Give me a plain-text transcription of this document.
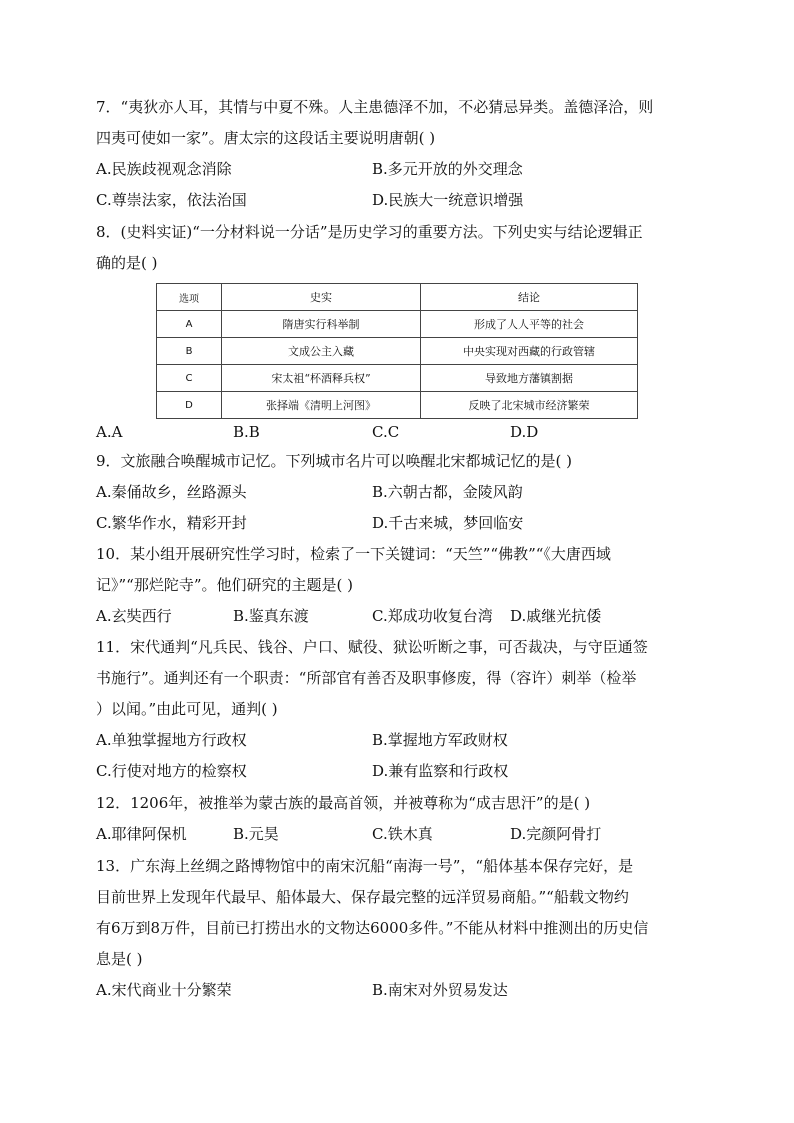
7．“夷狄亦人耳，其情与中夏不殊。人主患德泽不加，不必猜忌异类。盖德泽洽，则

四夷可使如一家”。唐太宗的这段话主要说明唐朝( )

A.民族歧视观念消除	B.多元开放的外交理念
C.尊崇法家，依法治国	D.民族大一统意识增强

8．(史料实证)“一分材料说一分话”是历史学习的重要方法。下列史实与结论逻辑正

确的是( )

选项	史实	结论
A	隋唐实行科举制	形成了人人平等的社会
B	文成公主入藏	中央实现对西藏的行政管辖
C	宋太祖“杯酒释兵权”	导致地方藩镇割据
D	张择端《清明上河图》	反映了北宋城市经济繁荣
A.A	B.B	C.C	D.D

9．文旅融合唤醒城市记忆。下列城市名片可以唤醒北宋都城记忆的是( )

A.秦俑故乡，丝路源头	B.六朝古都，金陵风韵
C.繁华作水，精彩开封	D.千古来城，梦回临安

10．某小组开展研究性学习时，检索了一下关键词：“天竺”“佛教”“《大唐西域

记》”“那烂陀寺”。他们研究的主题是( )

A.玄奘西行	B.鉴真东渡	C.郑成功收复台湾 D.戚继光抗倭

11．宋代通判“凡兵民、钱谷、户口、赋役、狱讼听断之事，可否裁决，与守臣通签

书施行”。通判还有一个职责：“所部官有善否及职事修废，得（容许）刺举（检举

）以闻。”由此可见，通判( )

A.单独掌握地方行政权	B.掌握地方军政财权
C.行使对地方的检察权	D.兼有监察和行政权

12．1206年，被推举为蒙古族的最高首领，并被尊称为“成吉思汗”的是( )

A.耶律阿保机	B.元昊	C.铁木真	D.完颜阿骨打

13．广东海上丝绸之路博物馆中的南宋沉船“南海一号”，“船体基本保存完好，是

目前世界上发现年代最早、船体最大、保存最完整的远洋贸易商船。”“船载文物约

有6万到8万件，目前已打捞出水的文物达6000多件。”不能从材料中推测出的历史信

息是( )

A.宋代商业十分繁荣	B.南宋对外贸易发达
